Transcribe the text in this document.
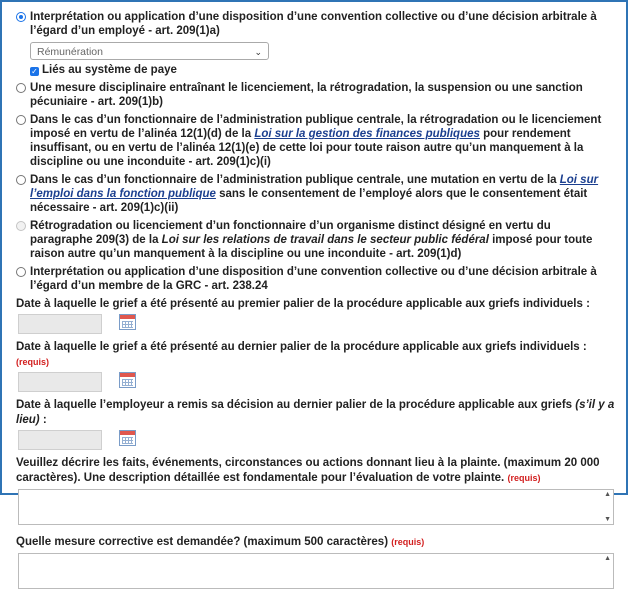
Interprétation ou application d’une disposition d’une convention collective ou d’une décision arbitrale à l’égard d’un employé - art. 209(1)a)
Rémunération	⌄
✓ Liés au système de paye
Une mesure disciplinaire entraînant le licenciement, la rétrogradation, la suspension ou une sanction pécuniaire - art. 209(1)b)
Dans le cas d’un fonctionnaire de l’administration publique centrale, la rétrogradation ou le licenciement imposé en vertu de l’alinéa 12(1)(d) de la Loi sur la gestion des finances publiques pour rendement insuffisant, ou en vertu de l’alinéa 12(1)(e) de cette loi pour toute raison autre qu’un manquement à la discipline ou une inconduite - art. 209(1)c)(i)
Dans le cas d’un fonctionnaire de l’administration publique centrale, une mutation en vertu de la Loi sur l’emploi dans la fonction publique sans le consentement de l’employé alors que le consentement était nécessaire - art. 209(1)c)(ii)
Rétrogradation ou licenciement d’un fonctionnaire d’un organisme distinct désigné en vertu du paragraphe 209(3) de la Loi sur les relations de travail dans le secteur public fédéral imposé pour toute raison autre qu’un manquement à la discipline ou une inconduite - art. 209(1)d)
Interprétation ou application d’une disposition d’une convention collective ou d’une décision arbitrale à l’égard d’un membre de la GRC - art. 238.24
Date à laquelle le grief a été présenté au premier palier de la procédure applicable aux griefs individuels :
Date à laquelle le grief a été présenté au dernier palier de la procédure applicable aux griefs individuels : (requis)
Date à laquelle l’employeur a remis sa décision au dernier palier de la procédure applicable aux griefs (s’il y a lieu) :
Veuillez décrire les faits, événements, circonstances ou actions donnant lieu à la plainte. (maximum 20 000 caractères). Une description détaillée est fondamentale pour l’évaluation de votre plainte. (requis)
▲
▼
Quelle mesure corrective est demandée? (maximum 500 caractères) (requis)
▲
